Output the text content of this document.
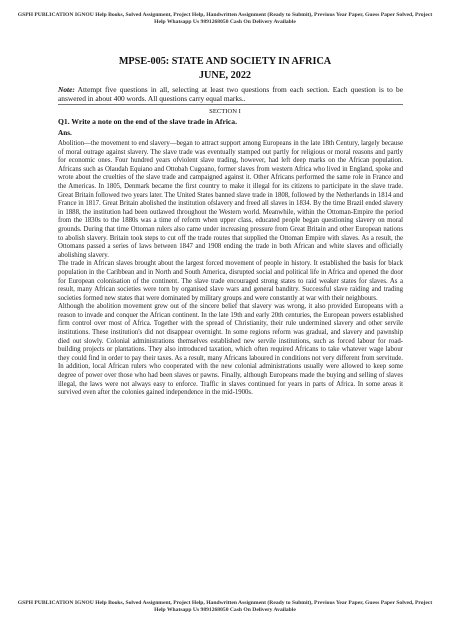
GSPH PUBLICATION IGNOU Help Books, Solved Assignment, Project Help, Handwritten Assignment (Ready to Submit), Previous Year Paper, Guess Paper Solved, Project Help Whatsapp Us 9891268050 Cash On Delivery Available
MPSE-005: STATE AND SOCIETY IN AFRICA
JUNE, 2022
Note: Attempt five questions in all, selecting at least two questions from each section. Each question is to be answered in about 400 words. All questions carry equal marks..
SECTION I
Q1. Write a note on the end of the slave trade in Africa.
Ans.

Abolition—the movement to end slavery—began to attract support among Europeans in the late 18th Century, largely because of moral outrage against slavery. The slave trade was eventually stamped out partly for religious or moral reasons and partly for economic ones. Four hundred years ofviolent slave trading, however, had left deep marks on the African population. Africans such as Olaudah Equiano and Ottobah Cugoano, former slaves from western Africa who lived in England, spoke and wrote about the cruelties of the slave trade and campaigned against it. Other Africans performed the same role in France and the Americas. In 1805, Denmark became the first country to make it illegal for its citizens to participate in the slave trade. Great Britain followed two years later. The United States banned slave trade in 1808, followed by the Netherlands in 1814 and France in 1817. Great Britain abolished the institution ofslavery and freed all slaves in 1834. By the time Brazil ended slavery in 1888, the institution had been outlawed throughout the Western world. Meanwhile, within the Ottoman-Empire the period from the 1830s to the 1880s was a time of reform when upper class, educated people began questioning slavery on moral grounds. During that time Ottoman rulers also came under increasing pressure from Great Britain and other European nations to abolish slavery. Britain took steps to cut off the trade routes that supplied the Ottoman Empire with slaves. As a result, the Ottomans passed a series of laws between 1847 and 1908 ending the trade in both African and white slaves and officially abolishing slavery.

The trade in African slaves brought about the largest forced movement of people in history. It established the basis for black population in the Caribbean and in North and South America, disrupted social and political life in Africa and opened the door for European colonisation of the continent. The slave trade encouraged strong states to raid weaker states for slaves. As a result, many African societies were torn by organised slave wars and general banditry. Successful slave raiding and trading societies formed new states that were dominated by military groups and were constantly at war with their neighbours.

Although the abolition movement grew out of the sincere belief that slavery was wrong, it also provided Europeans with a reason to invade and conquer the African continent. In the late 19th and early 20th centuries, the European powers established firm control over most of Africa. Together with the spread of Christianity, their rule undermined slavery and other servile institutions. These institution's did not disappear overnight. In some regions reform was gradual, and slavery and pawnship died out slowly. Colonial administrations themselves established new servile institutions, such as forced labour for road-building projects or plantations. They also introduced taxation, which often required Africans to take whatever wage labour they could find in order to pay their taxes. As a result, many Africans laboured in conditions not very different from servitude. In addition, local African rulers who cooperated with the new colonial administrations usually were allowed to keep some degree of power over those who had been slaves or pawns. Finally, although Europeans made the buying and selling of slaves illegal, the laws were not always easy to enforce. Traffic in slaves continued for years in parts of Africa. In some areas it survived even after the colonies gained independence in the mid-1900s.

GSPH PUBLICATION IGNOU Help Books, Solved Assignment, Project Help, Handwritten Assignment (Ready to Submit), Previous Year Paper, Guess Paper Solved, Project Help Whatsapp Us 9891268050 Cash On Delivery Available
